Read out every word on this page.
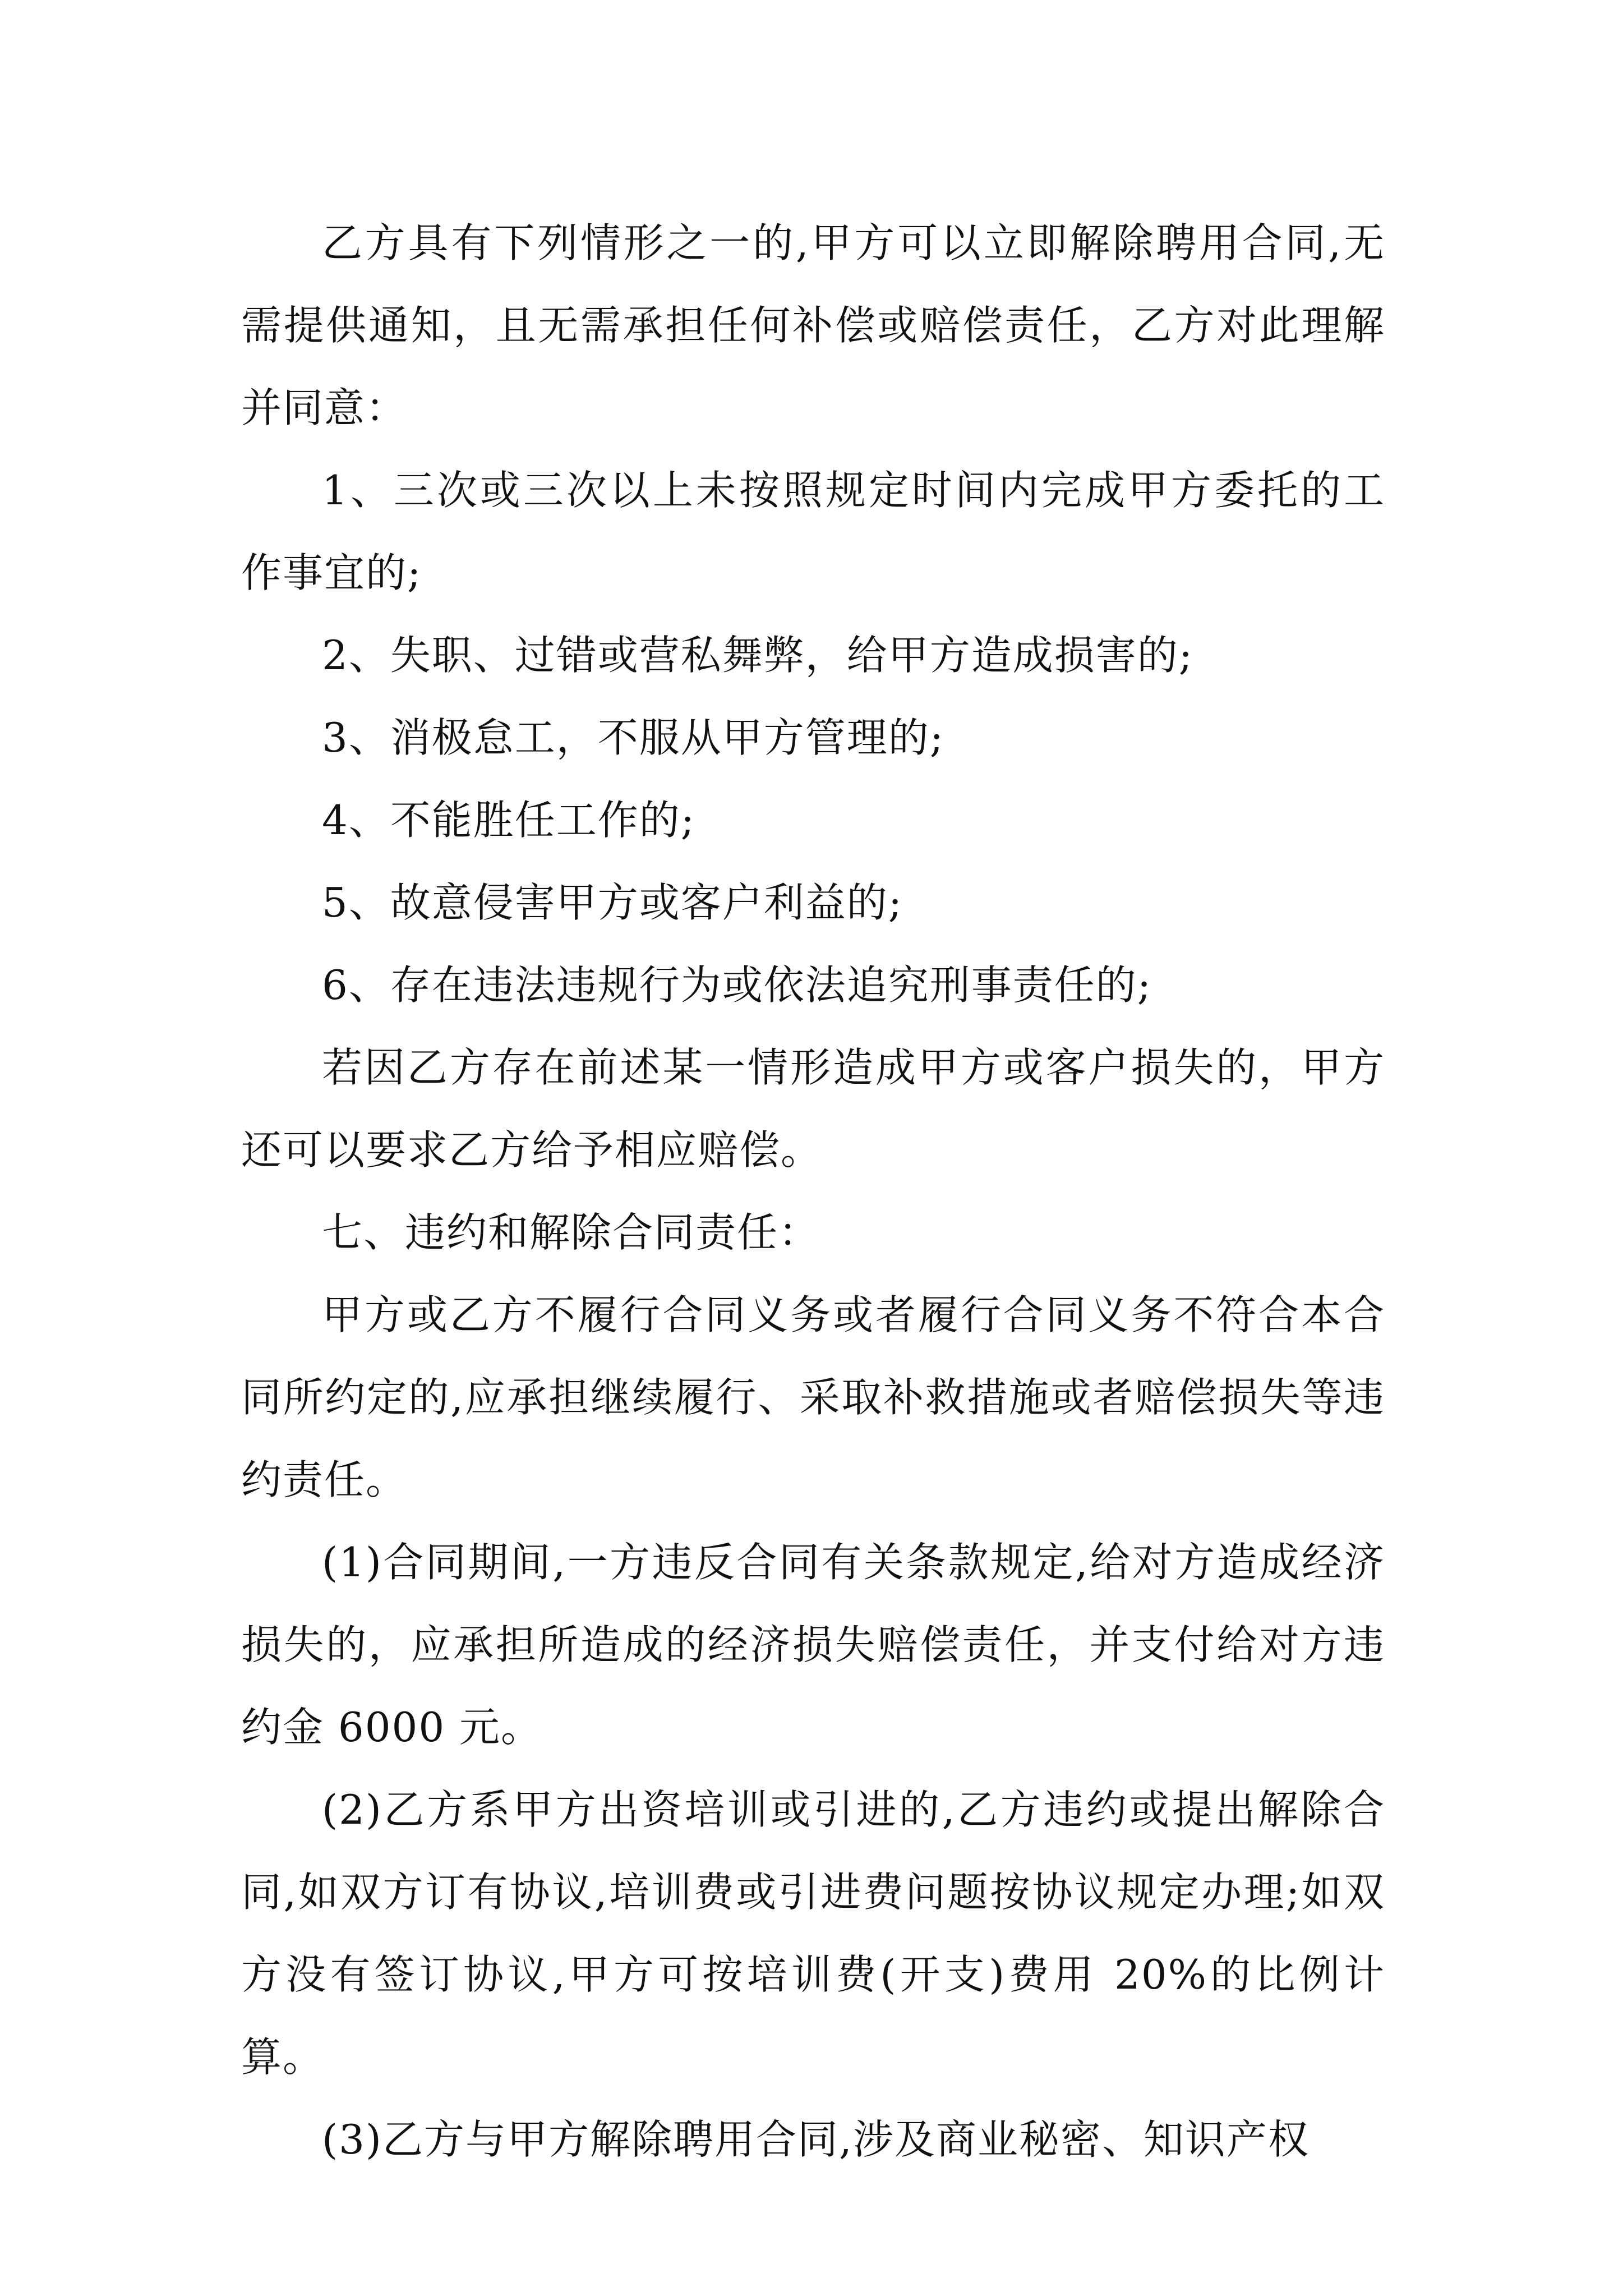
乙方具有下列情形之一的,甲方可以立即解除聘用合同,无需提供通知，且无需承担任何补偿或赔偿责任，乙方对此理解并同意：

1、三次或三次以上未按照规定时间内完成甲方委托的工作事宜的;

2、失职、过错或营私舞弊，给甲方造成损害的;

3、消极怠工，不服从甲方管理的;

4、不能胜任工作的;

5、故意侵害甲方或客户利益的;

6、存在违法违规行为或依法追究刑事责任的;

若因乙方存在前述某一情形造成甲方或客户损失的，甲方还可以要求乙方给予相应赔偿。

七、违约和解除合同责任：

甲方或乙方不履行合同义务或者履行合同义务不符合本合同所约定的,应承担继续履行、采取补救措施或者赔偿损失等违约责任。

(1)合同期间,一方违反合同有关条款规定,给对方造成经济损失的，应承担所造成的经济损失赔偿责任，并支付给对方违约金 6000 元。

(2)乙方系甲方出资培训或引进的,乙方违约或提出解除合同,如双方订有协议,培训费或引进费问题按协议规定办理;如双方没有签订协议,甲方可按培训费(开支)费用 20%的比例计算。

(3)乙方与甲方解除聘用合同,涉及商业秘密、知识产权
